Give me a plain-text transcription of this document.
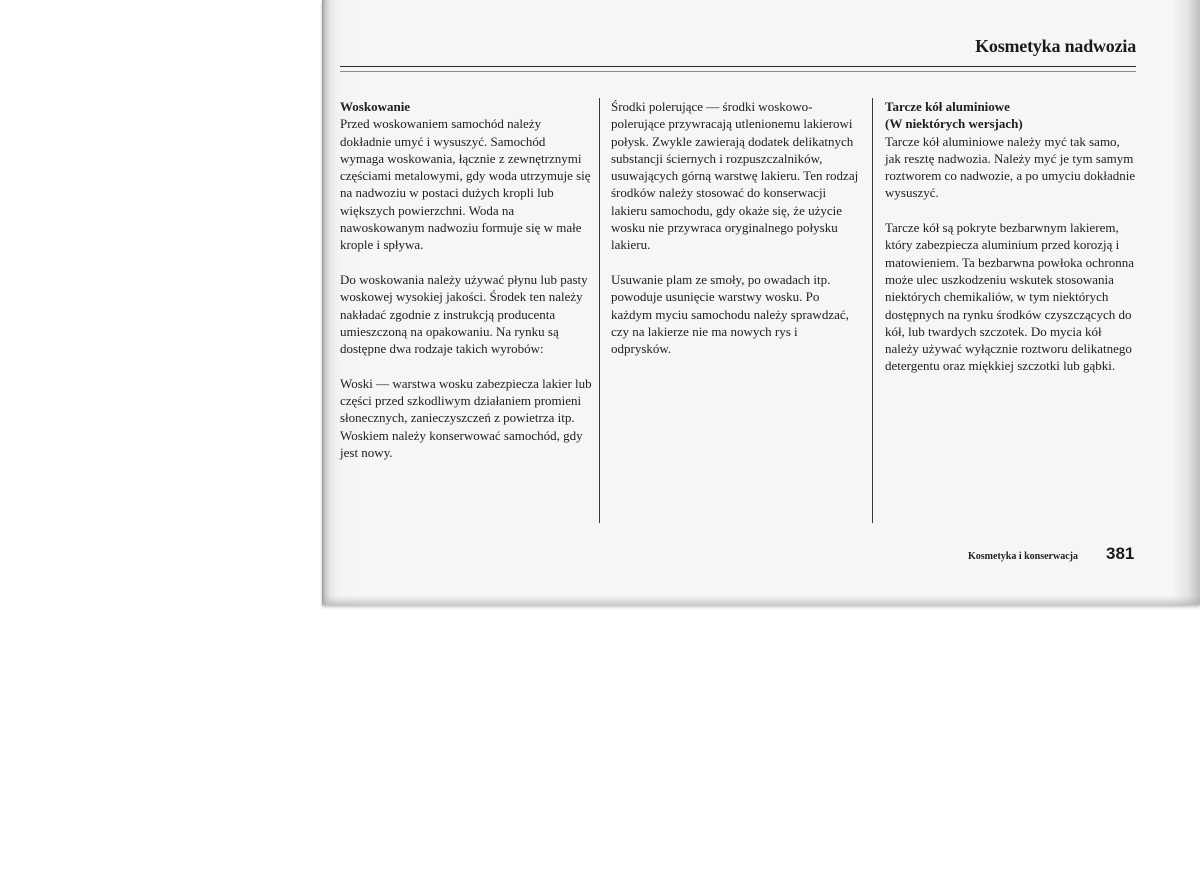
Kosmetyka nadwozia

Woskowanie
Przed woskowaniem samochód należy dokładnie umyć i wysuszyć. Samochód wymaga woskowania, łącznie z zewnętrznymi częściami metalowymi, gdy woda utrzymuje się na nadwoziu w postaci dużych kropli lub większych powierzchni. Woda na nawoskowanym nadwoziu formuje się w małe krople i spływa.

Do woskowania należy używać płynu lub pasty woskowej wysokiej jakości. Środek ten należy nakładać zgodnie z instrukcją producenta umieszczoną na opakowaniu. Na rynku są dostępne dwa rodzaje takich wyrobów:

Woski — warstwa wosku zabezpiecza lakier lub części przed szkodliwym działaniem promieni słonecznych, zanieczyszczeń z powietrza itp. Woskiem należy konserwować samochód, gdy jest nowy.

Środki polerujące — środki woskowo-polerujące przywracają utlenionemu lakierowi połysk. Zwykle zawierają dodatek delikatnych substancji ściernych i rozpuszczalników, usuwających górną warstwę lakieru. Ten rodzaj środków należy stosować do konserwacji lakieru samochodu, gdy okaże się, że użycie wosku nie przywraca oryginalnego połysku lakieru.

Usuwanie plam ze smoły, po owadach itp. powoduje usunięcie warstwy wosku. Po każdym myciu samochodu należy sprawdzać, czy na lakierze nie ma nowych rys i odprysków.

Tarcze kół aluminiowe
(W niektórych wersjach)
Tarcze kół aluminiowe należy myć tak samo, jak resztę nadwozia. Należy myć je tym samym roztworem co nadwozie, a po umyciu dokładnie wysuszyć.

Tarcze kół są pokryte bezbarwnym lakierem, który zabezpiecza aluminium przed korozją i matowieniem. Ta bezbarwna powłoka ochronna może ulec uszkodzeniu wskutek stosowania niektórych chemikaliów, w tym niektórych dostępnych na rynku środków czyszczących do kół, lub twardych szczotek. Do mycia kół należy używać wyłącznie roztworu delikatnego detergentu oraz miękkiej szczotki lub gąbki.

Kosmetyka i konserwacja 381
